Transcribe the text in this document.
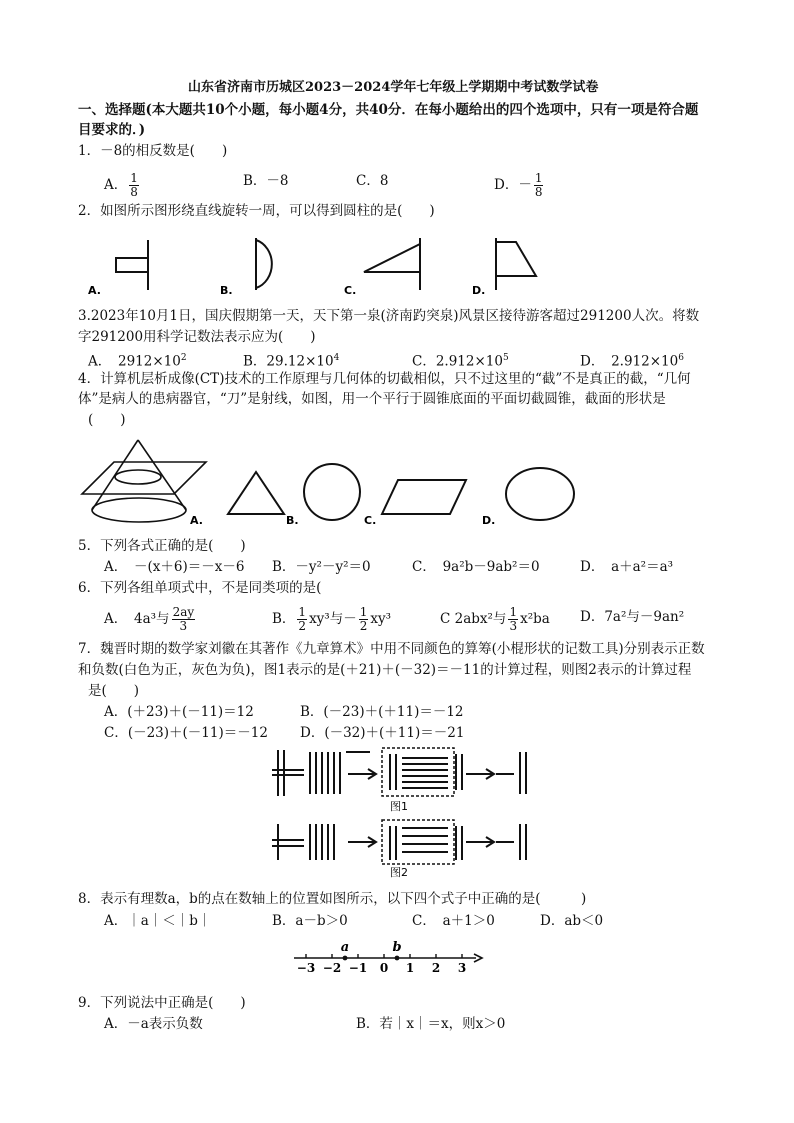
山东省济南市历城区2023－2024学年七年级上学期期中考试数学试卷
一、选择题(本大题共10个小题，每小题4分，共40分．在每小题给出的四个选项中，只有一项是符合题
目要求的．)
1．－8的相反数是(　　)
A． $\frac{1}{8}$	B．－8	C．8	D．－ $\frac{1}{8}$
2．如图所示图形绕直线旋转一周，可以得到圆柱的是(　　)
A.	B.	C.	D.
3.2023年10月1日，国庆假期第一天，天下第一泉(济南趵突泉)风景区接待游客超过291200人次。将数
字291200用科学记数法表示应为(　　)
A．　$2912\times 10^2$	B．$29.12\times 10^4$	C．$2.912\times 10^5$	D．　$2.912\times 10^6$
4．计算机层析成像(CT)技术的工作原理与几何体的切截相似，只不过这里的“截”不是真正的截，“几何
体”是病人的患病器官，“刀”是射线，如图，用一个平行于圆锥底面的平面切截圆锥，截面的形状是
(　　)
A.	B.	C.	D.
5．下列各式正确的是(　　)
A．　－(x＋6)＝－x－6 B．－y²－y²＝0	C．　9a²b－9ab²＝0	D．　a＋a²＝a³
6．下列各组单项式中，不是同类项的是(
A．　4a³与 $\frac{2ay}{3}$	B． $\frac{1}{2} xy^3$与－ $\frac{1}{2} xy^3$	C 2abx²与 $\frac{1}{3} x^2ba$ D．7a²与－9an²
7．魏晋时期的数学家刘徽在其著作《九章算术》中用不同颜色的算筹(小棍形状的记数工具)分别表示正数
和负数(白色为正，灰色为负)，图1表示的是(＋21)＋(－32)＝－11的计算过程，则图2表示的计算过程
是(　　)
A．(＋23)＋(－11)＝12	B．(－23)＋(＋11)＝－12
C．(－23)＋(－11)＝－12 D．(－32)＋(＋11)＝－21
图1
图2
8．表示有理数a，b的点在数轴上的位置如图所示，以下四个式子中正确的是(　　　)
A．｜a｜＜｜b｜	B．a－b＞0	C．　a＋1＞0	D．ab＜0
−3 −2 −1 0 1 2 3
a	b
9．下列说法中正确是(　　)
A．－a表示负数	B．若｜x｜＝x，则x＞0
